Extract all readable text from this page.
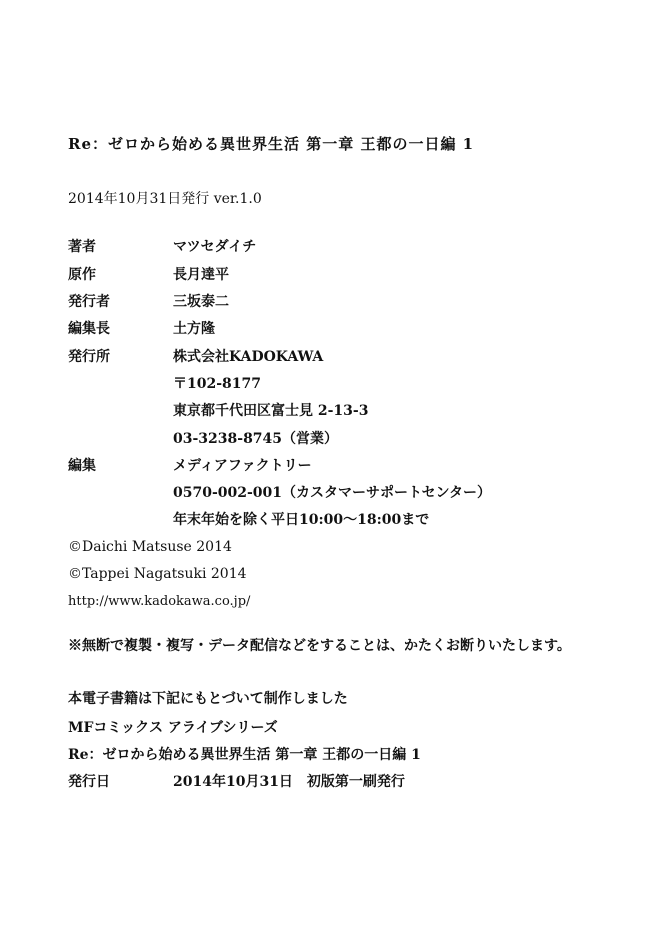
Re：ゼロから始める異世界生活 第一章 王都の一日編 1
2014年10月31日発行 ver.1.0
著者	マツセダイチ
原作	長月達平
発行者	三坂泰二
編集長	土方隆
発行所	株式会社KADOKAWA
〒102-8177
東京都千代田区富士見 2-13-3
03-3238-8745（営業）
編集	メディアファクトリー
0570-002-001（カスタマーサポートセンター）
年末年始を除く平日10:00〜18:00まで
©Daichi Matsuse 2014
©Tappei Nagatsuki 2014
http://www.kadokawa.co.jp/
※無断で複製・複写・データ配信などをすることは、かたくお断りいたします。
本電子書籍は下記にもとづいて制作しました
MFコミックス アライブシリーズ
Re：ゼロから始める異世界生活 第一章 王都の一日編 1
発行日	2014年10月31日　初版第一刷発行
